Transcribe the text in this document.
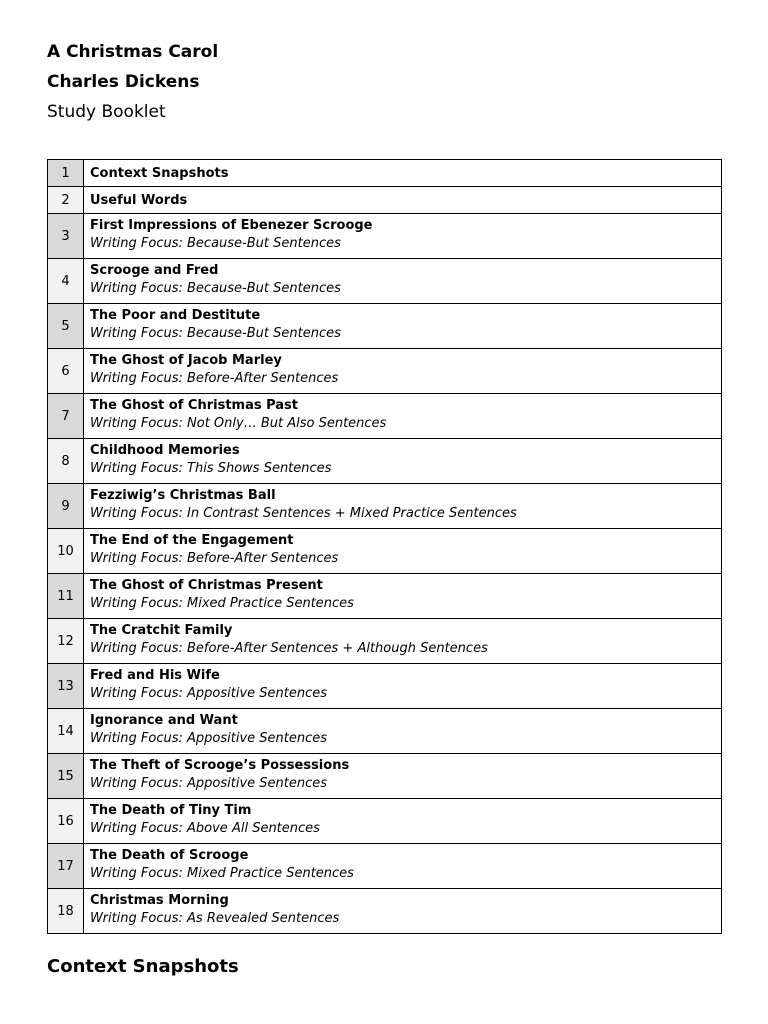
A Christmas Carol
Charles Dickens
Study Booklet
1	Context Snapshots

2	Useful Words

3	First Impressions of Ebenezer Scrooge
Writing Focus: Because-But Sentences

4	Scrooge and Fred
Writing Focus: Because-But Sentences

5	The Poor and Destitute
Writing Focus: Because-But Sentences

6	The Ghost of Jacob Marley
Writing Focus: Before-After Sentences

7	The Ghost of Christmas Past
Writing Focus: Not Only… But Also Sentences

8	Childhood Memories
Writing Focus: This Shows Sentences

9	Fezziwig’s Christmas Ball
Writing Focus: In Contrast Sentences + Mixed Practice Sentences

10	The End of the Engagement
Writing Focus: Before-After Sentences

11	The Ghost of Christmas Present
Writing Focus: Mixed Practice Sentences

12	The Cratchit Family
Writing Focus: Before-After Sentences + Although Sentences

13	Fred and His Wife
Writing Focus: Appositive Sentences

14	Ignorance and Want
Writing Focus: Appositive Sentences

15	The Theft of Scrooge’s Possessions
Writing Focus: Appositive Sentences

16	The Death of Tiny Tim
Writing Focus: Above All Sentences

17	The Death of Scrooge
Writing Focus: Mixed Practice Sentences

18	Christmas Morning
Writing Focus: As Revealed Sentences
Context Snapshots
